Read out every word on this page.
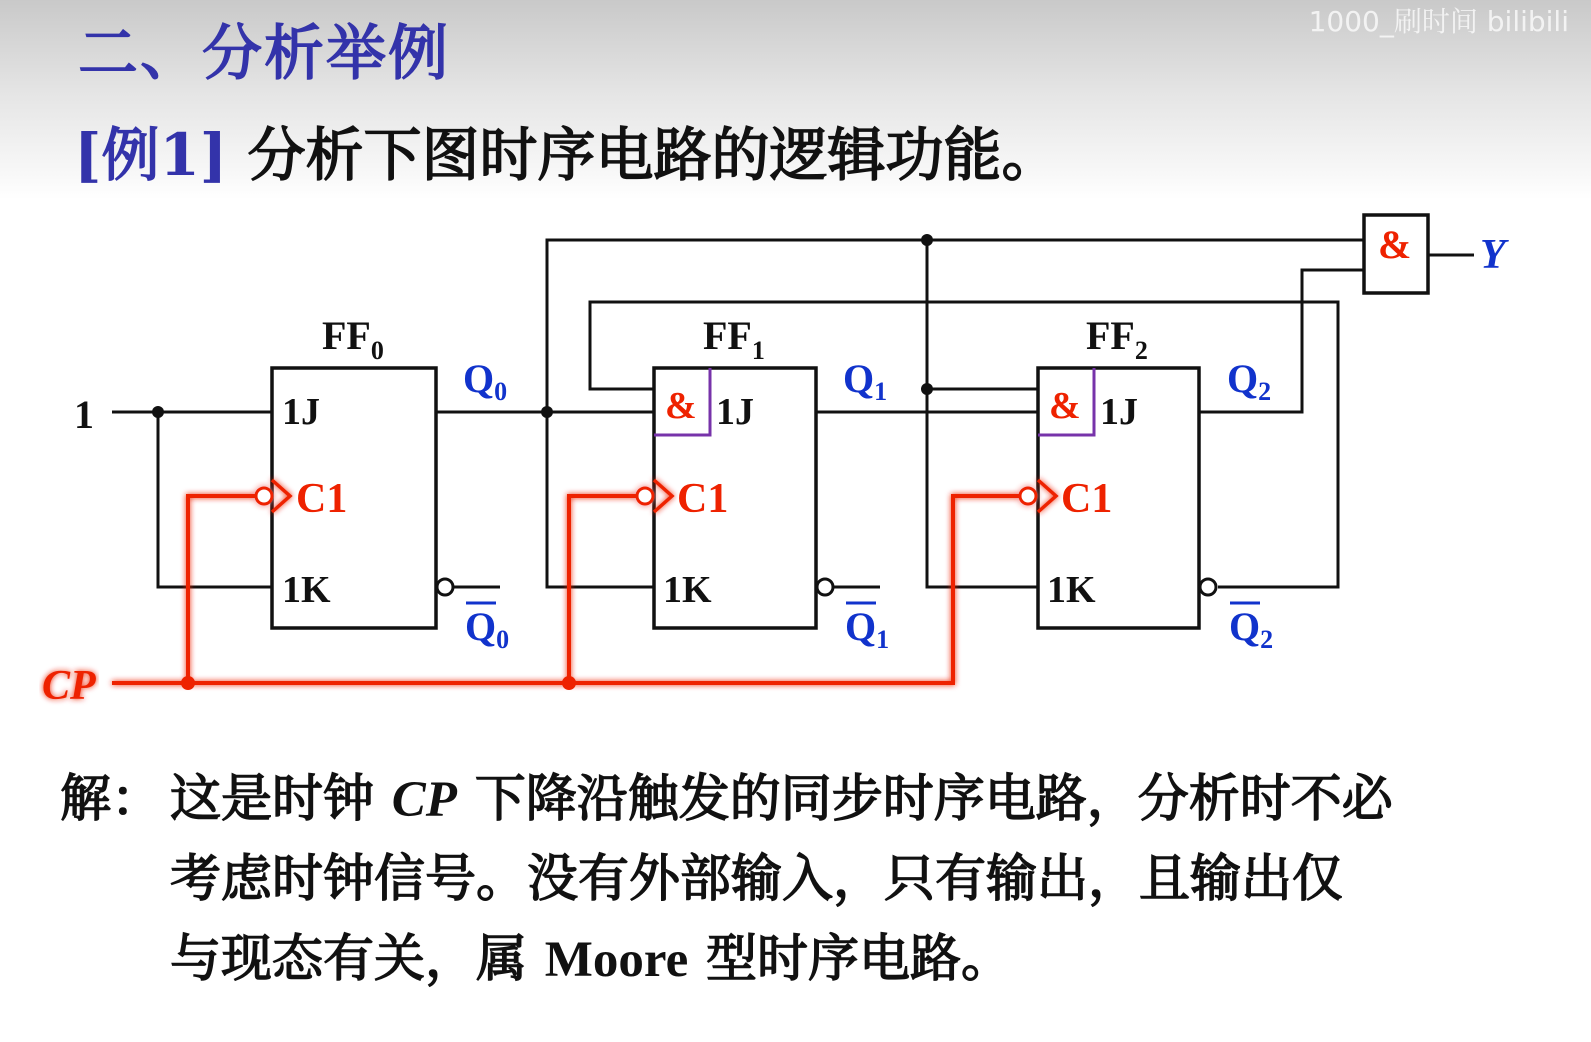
1000_刷时间 bilibili
二、分析举例
[例1] 分析下图时序电路的逻辑功能。
1
CP
Y
&
$FF_0$
1J
C1
1K
$Q_0$
$Q_0$
$FF_1$
& 1J
C1
1K
$Q_1$
$Q_1$
$FF_2$
& 1J
C1
1K
$Q_2$
$Q_2$
解： 这是时钟 CP 下降沿触发的同步时序电路，分析时不必
考虑时钟信号。没有外部输入，只有输出，且输出仅
与现态有关，属 Moore 型时序电路。
